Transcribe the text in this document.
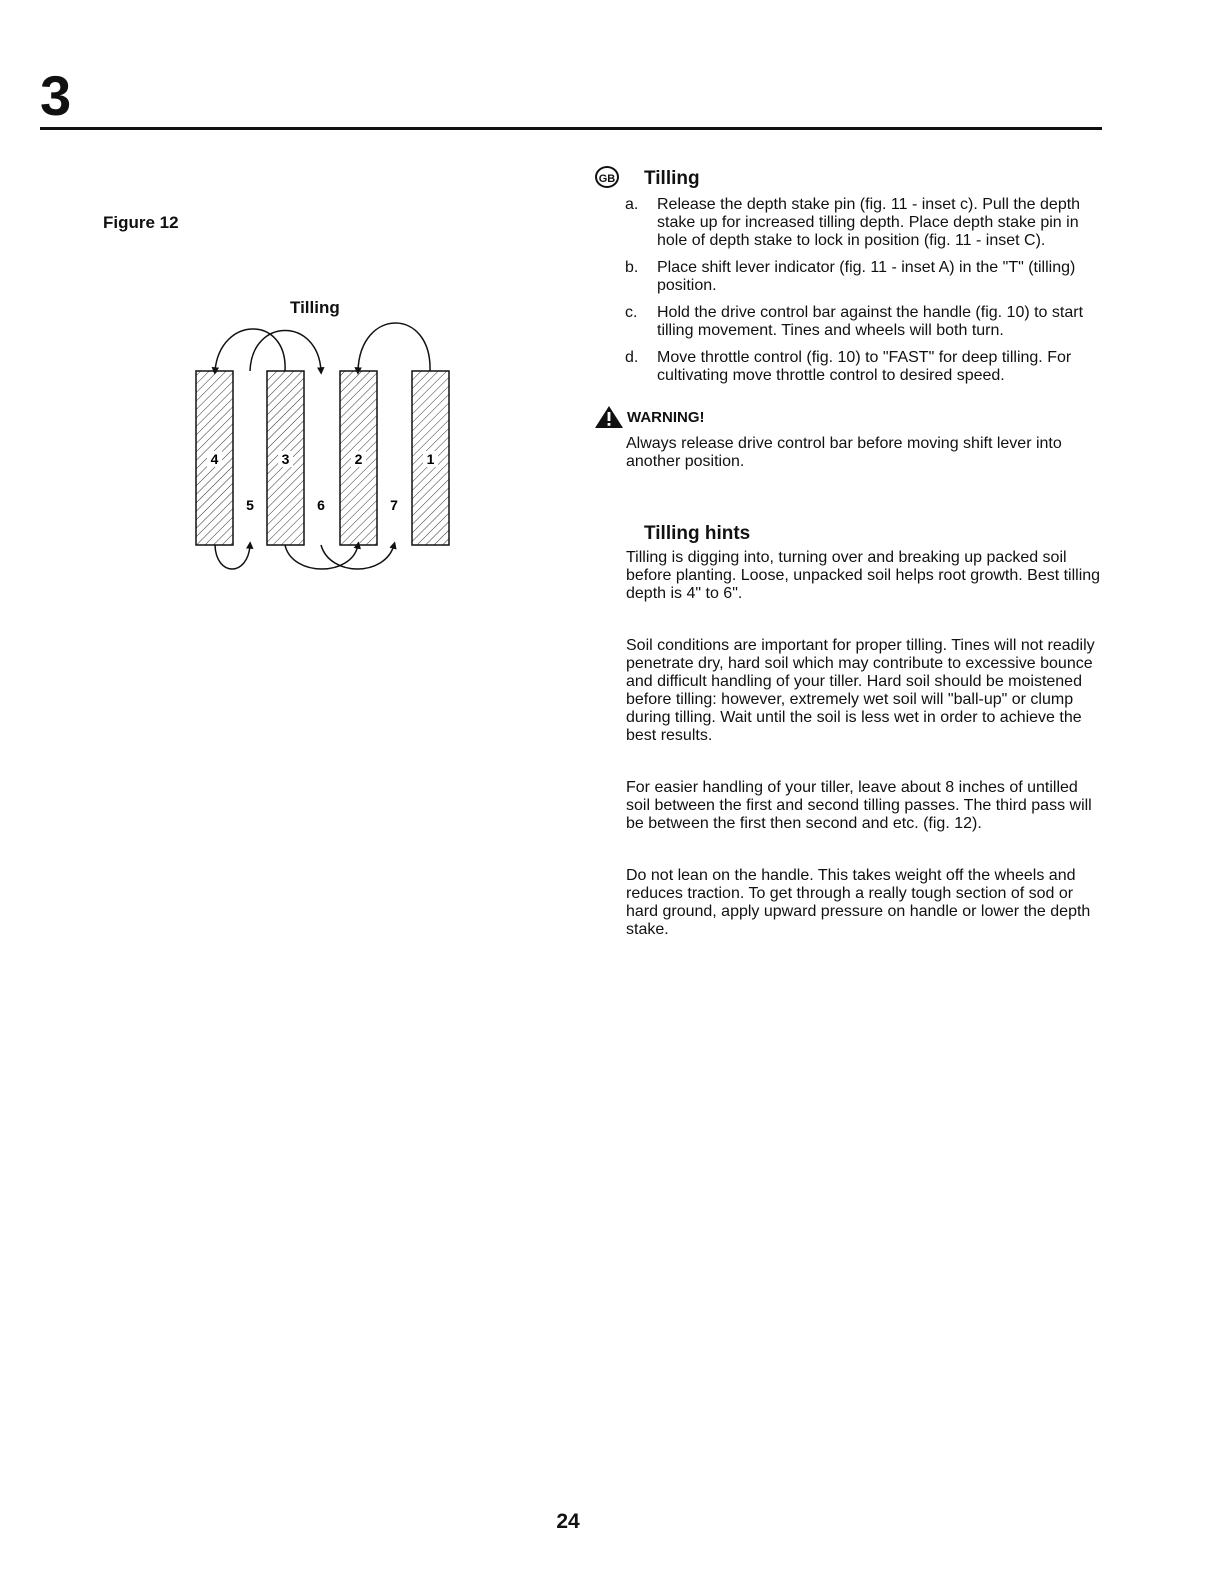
3
Figure 12
Tilling
4	3	2	1
5	6	7
GB Tilling
a. Release the depth stake pin (fig. 11 - inset c). Pull the depth stake up for increased tilling depth. Place depth stake pin in hole of depth stake to lock in position (fig. 11 - inset C).
b. Place shift lever indicator (fig. 11 - inset A) in the "T" (tilling) position.
c. Hold the drive control bar against the handle (fig. 10) to start tilling movement. Tines and wheels will both turn.
d. Move throttle control (fig. 10) to "FAST" for deep tilling. For cultivating move throttle control to desired speed.
WARNING!

Always release drive control bar before moving shift lever into another position.

Tilling hints

Tilling is digging into, turning over and breaking up packed soil before planting. Loose, unpacked soil helps root growth. Best tilling depth is 4" to 6".

Soil conditions are important for proper tilling. Tines will not readily penetrate dry, hard soil which may contribute to excessive bounce and difficult handling of your tiller. Hard soil should be moistened before tilling: however, extremely wet soil will "ball-up" or clump during tilling. Wait until the soil is less wet in order to achieve the best results.

For easier handling of your tiller, leave about 8 inches of untilled soil between the first and second tilling passes. The third pass will be between the first then second and etc. (fig. 12).

Do not lean on the handle. This takes weight off the wheels and reduces traction. To get through a really tough section of sod or hard ground, apply upward pressure on handle or lower the depth stake.

24
